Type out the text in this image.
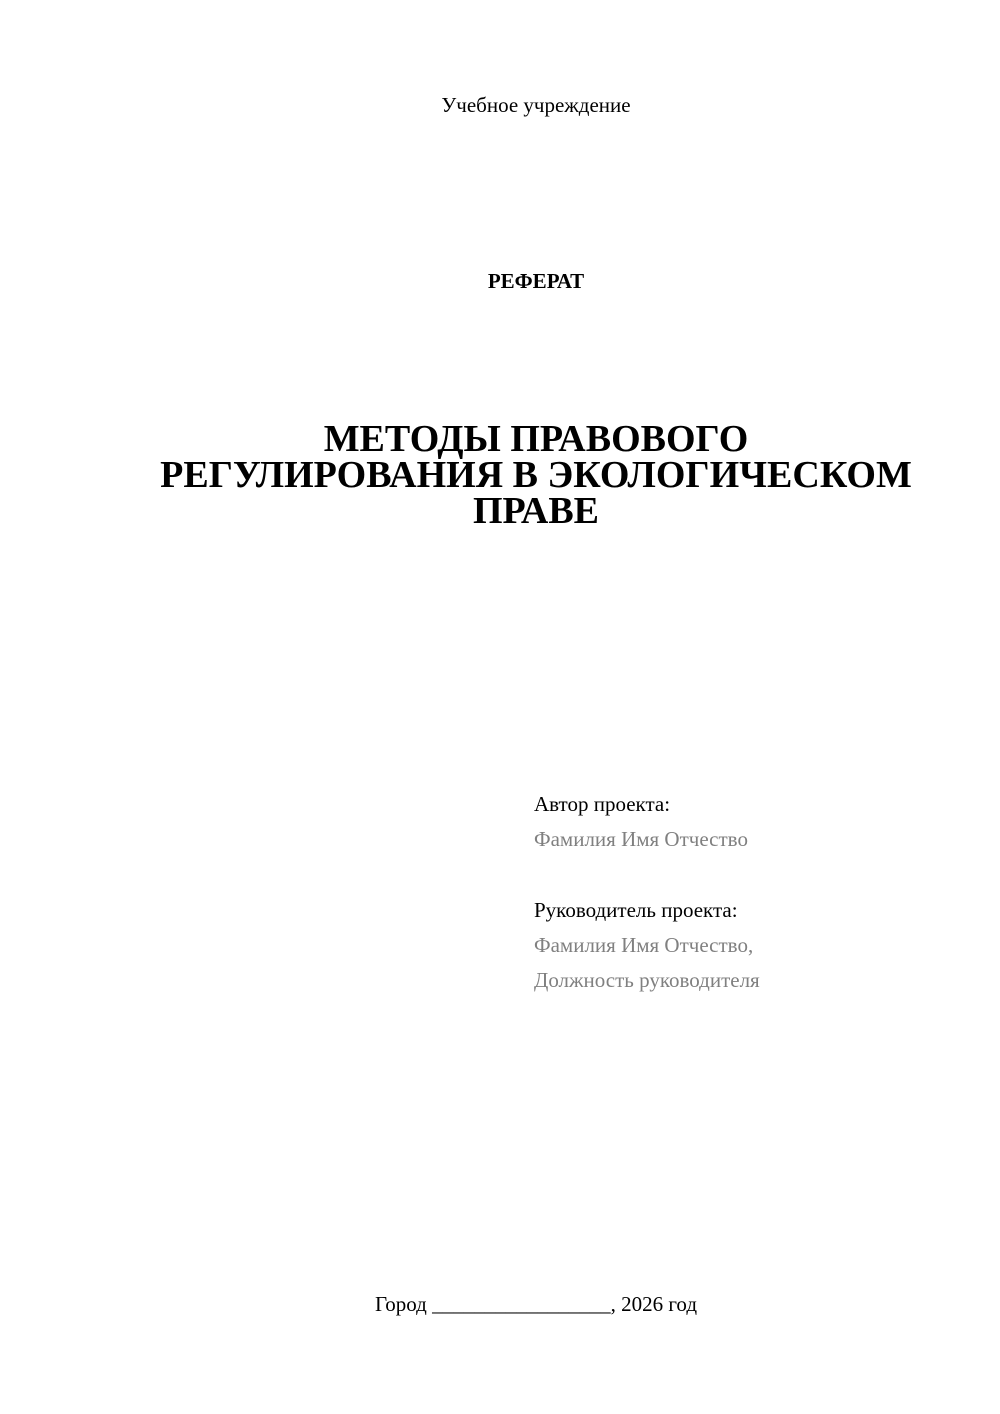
Учебное учреждение
РЕФЕРАТ
МЕТОДЫ ПРАВОВОГО
РЕГУЛИРОВАНИЯ В ЭКОЛОГИЧЕСКОМ
ПРАВЕ
Автор проекта:
Фамилия Имя Отчество
Руководитель проекта:
Фамилия Имя Отчество,
Должность руководителя
Город _________________, 2026 год
